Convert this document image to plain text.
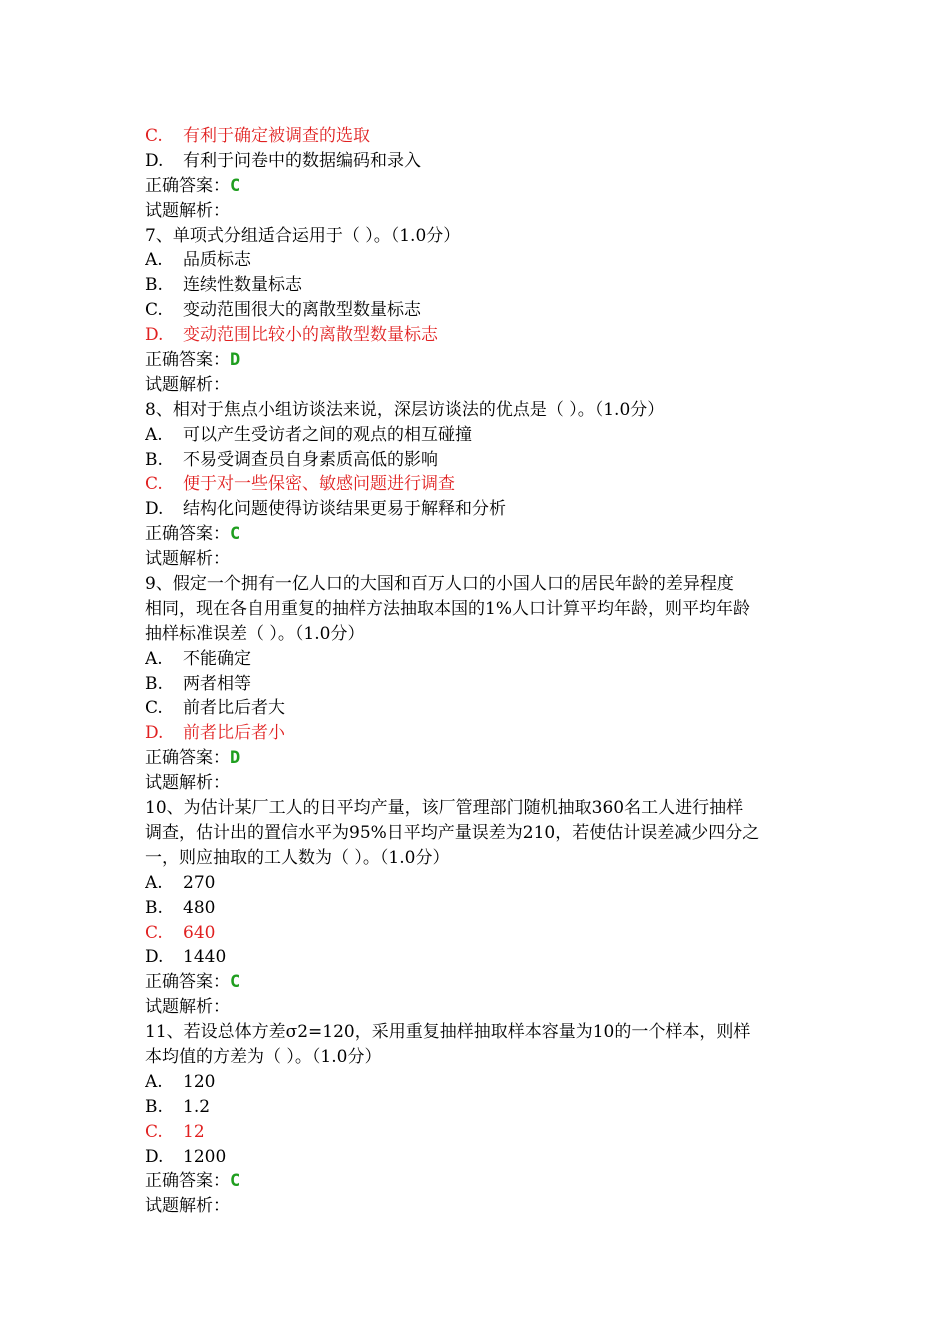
C. 有利于确定被调查的选取
D. 有利于问卷中的数据编码和录入
正确答案：C
试题解析：
7、单项式分组适合运用于（ ）。（1.0分）
A. 品质标志
B. 连续性数量标志
C. 变动范围很大的离散型数量标志
D. 变动范围比较小的离散型数量标志
正确答案：D
试题解析：
8、相对于焦点小组访谈法来说，深层访谈法的优点是（ ）。（1.0分）
A. 可以产生受访者之间的观点的相互碰撞
B. 不易受调查员自身素质高低的影响
C. 便于对一些保密、敏感问题进行调查
D. 结构化问题使得访谈结果更易于解释和分析
正确答案：C
试题解析：
9、假定一个拥有一亿人口的大国和百万人口的小国人口的居民年龄的差异程度
相同，现在各自用重复的抽样方法抽取本国的1%人口计算平均年龄，则平均年龄
抽样标准误差（ ）。（1.0分）
A. 不能确定
B. 两者相等
C. 前者比后者大
D. 前者比后者小
正确答案：D
试题解析：
10、为估计某厂工人的日平均产量，该厂管理部门随机抽取360名工人进行抽样
调查，估计出的置信水平为95%日平均产量误差为210，若使估计误差减少四分之
一，则应抽取的工人数为（ ）。（1.0分）
A. 270
B. 480
C. 640
D. 1440
正确答案：C
试题解析：
11、若设总体方差σ2=120，采用重复抽样抽取样本容量为10的一个样本，则样
本均值的方差为（ ）。（1.0分）
A. 120
B. 1.2
C. 12
D. 1200
正确答案：C
试题解析：
